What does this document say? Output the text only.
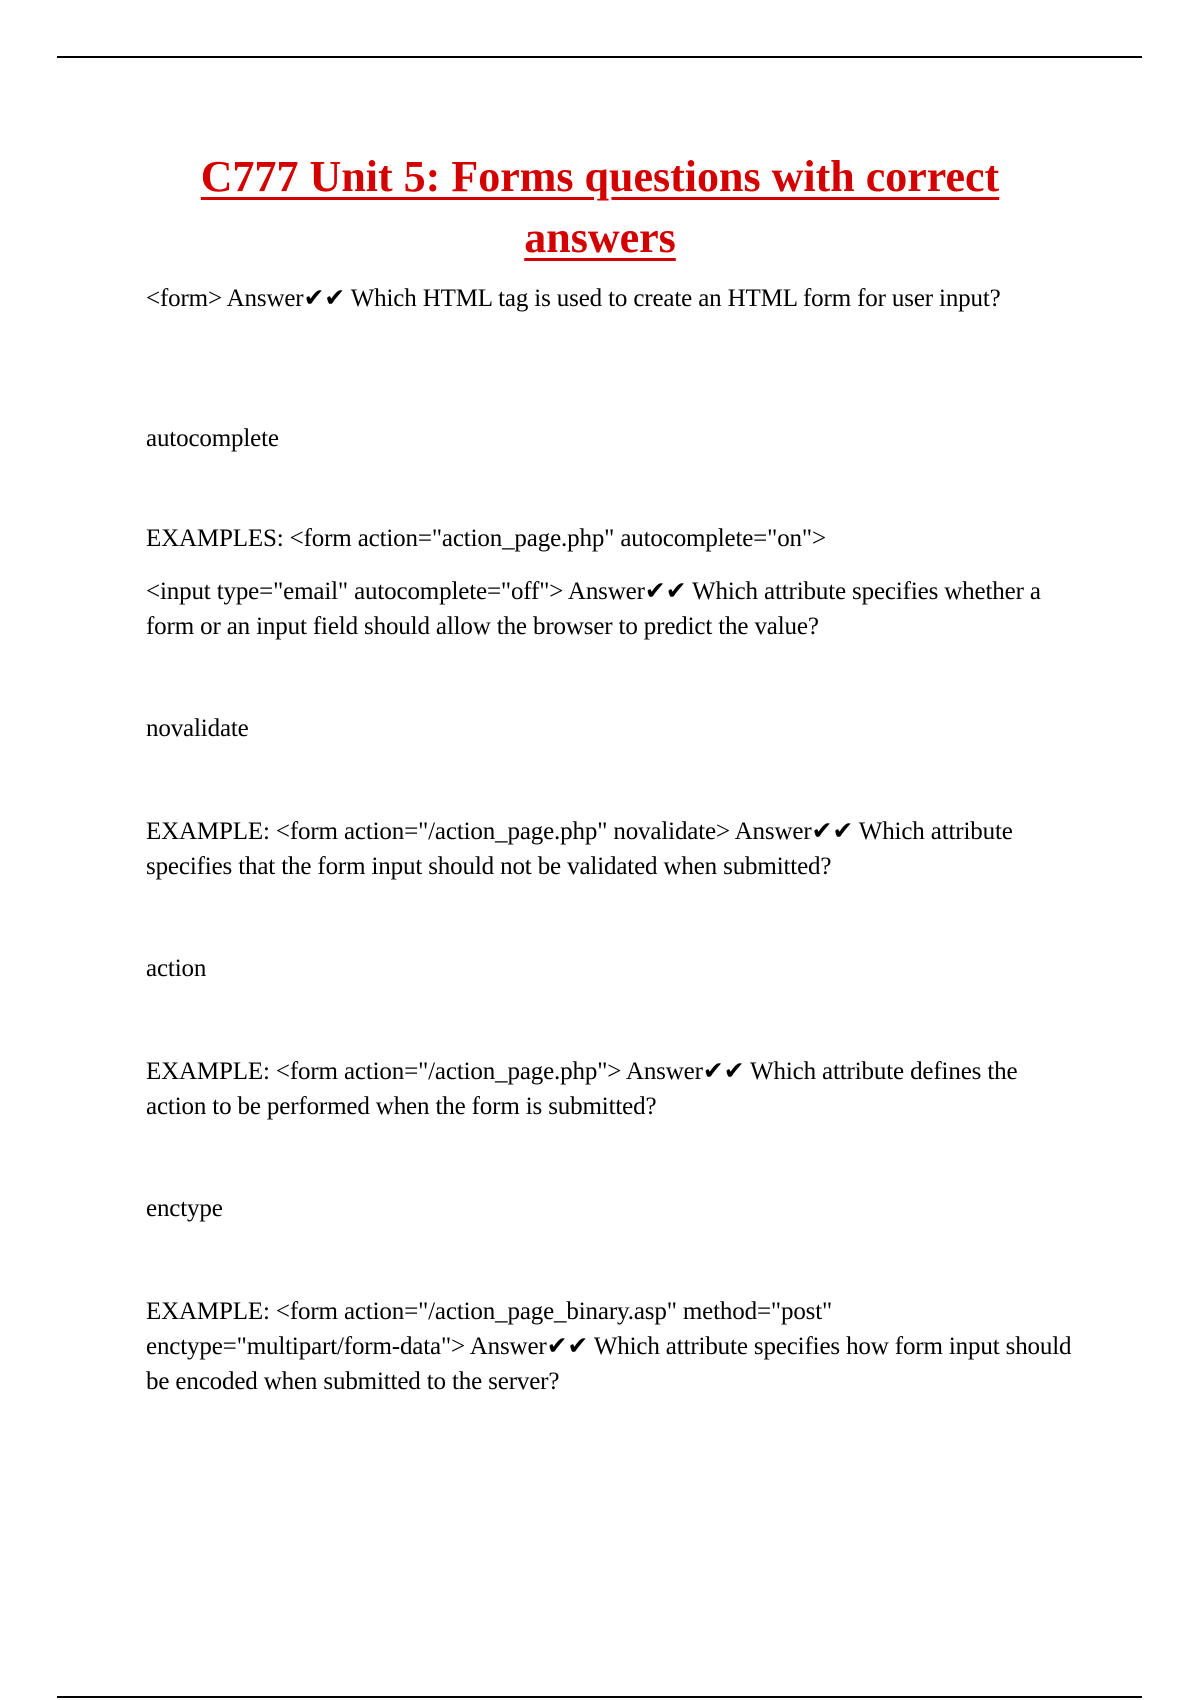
C777 Unit 5: Forms questions with correct answers

<form> Answer✔✔ Which HTML tag is used to create an HTML form for user input?

autocomplete

EXAMPLES: <form action="action_page.php" autocomplete="on">

<input type="email" autocomplete="off"> Answer✔✔ Which attribute specifies whether a form or an input field should allow the browser to predict the value?

novalidate

EXAMPLE: <form action="/action_page.php" novalidate> Answer✔✔ Which attribute specifies that the form input should not be validated when submitted?

action

EXAMPLE: <form action="/action_page.php"> Answer✔✔ Which attribute defines the action to be performed when the form is submitted?

enctype

EXAMPLE: <form action="/action_page_binary.asp" method="post" enctype="multipart/form-data"> Answer✔✔ Which attribute specifies how form input should be encoded when submitted to the server?
